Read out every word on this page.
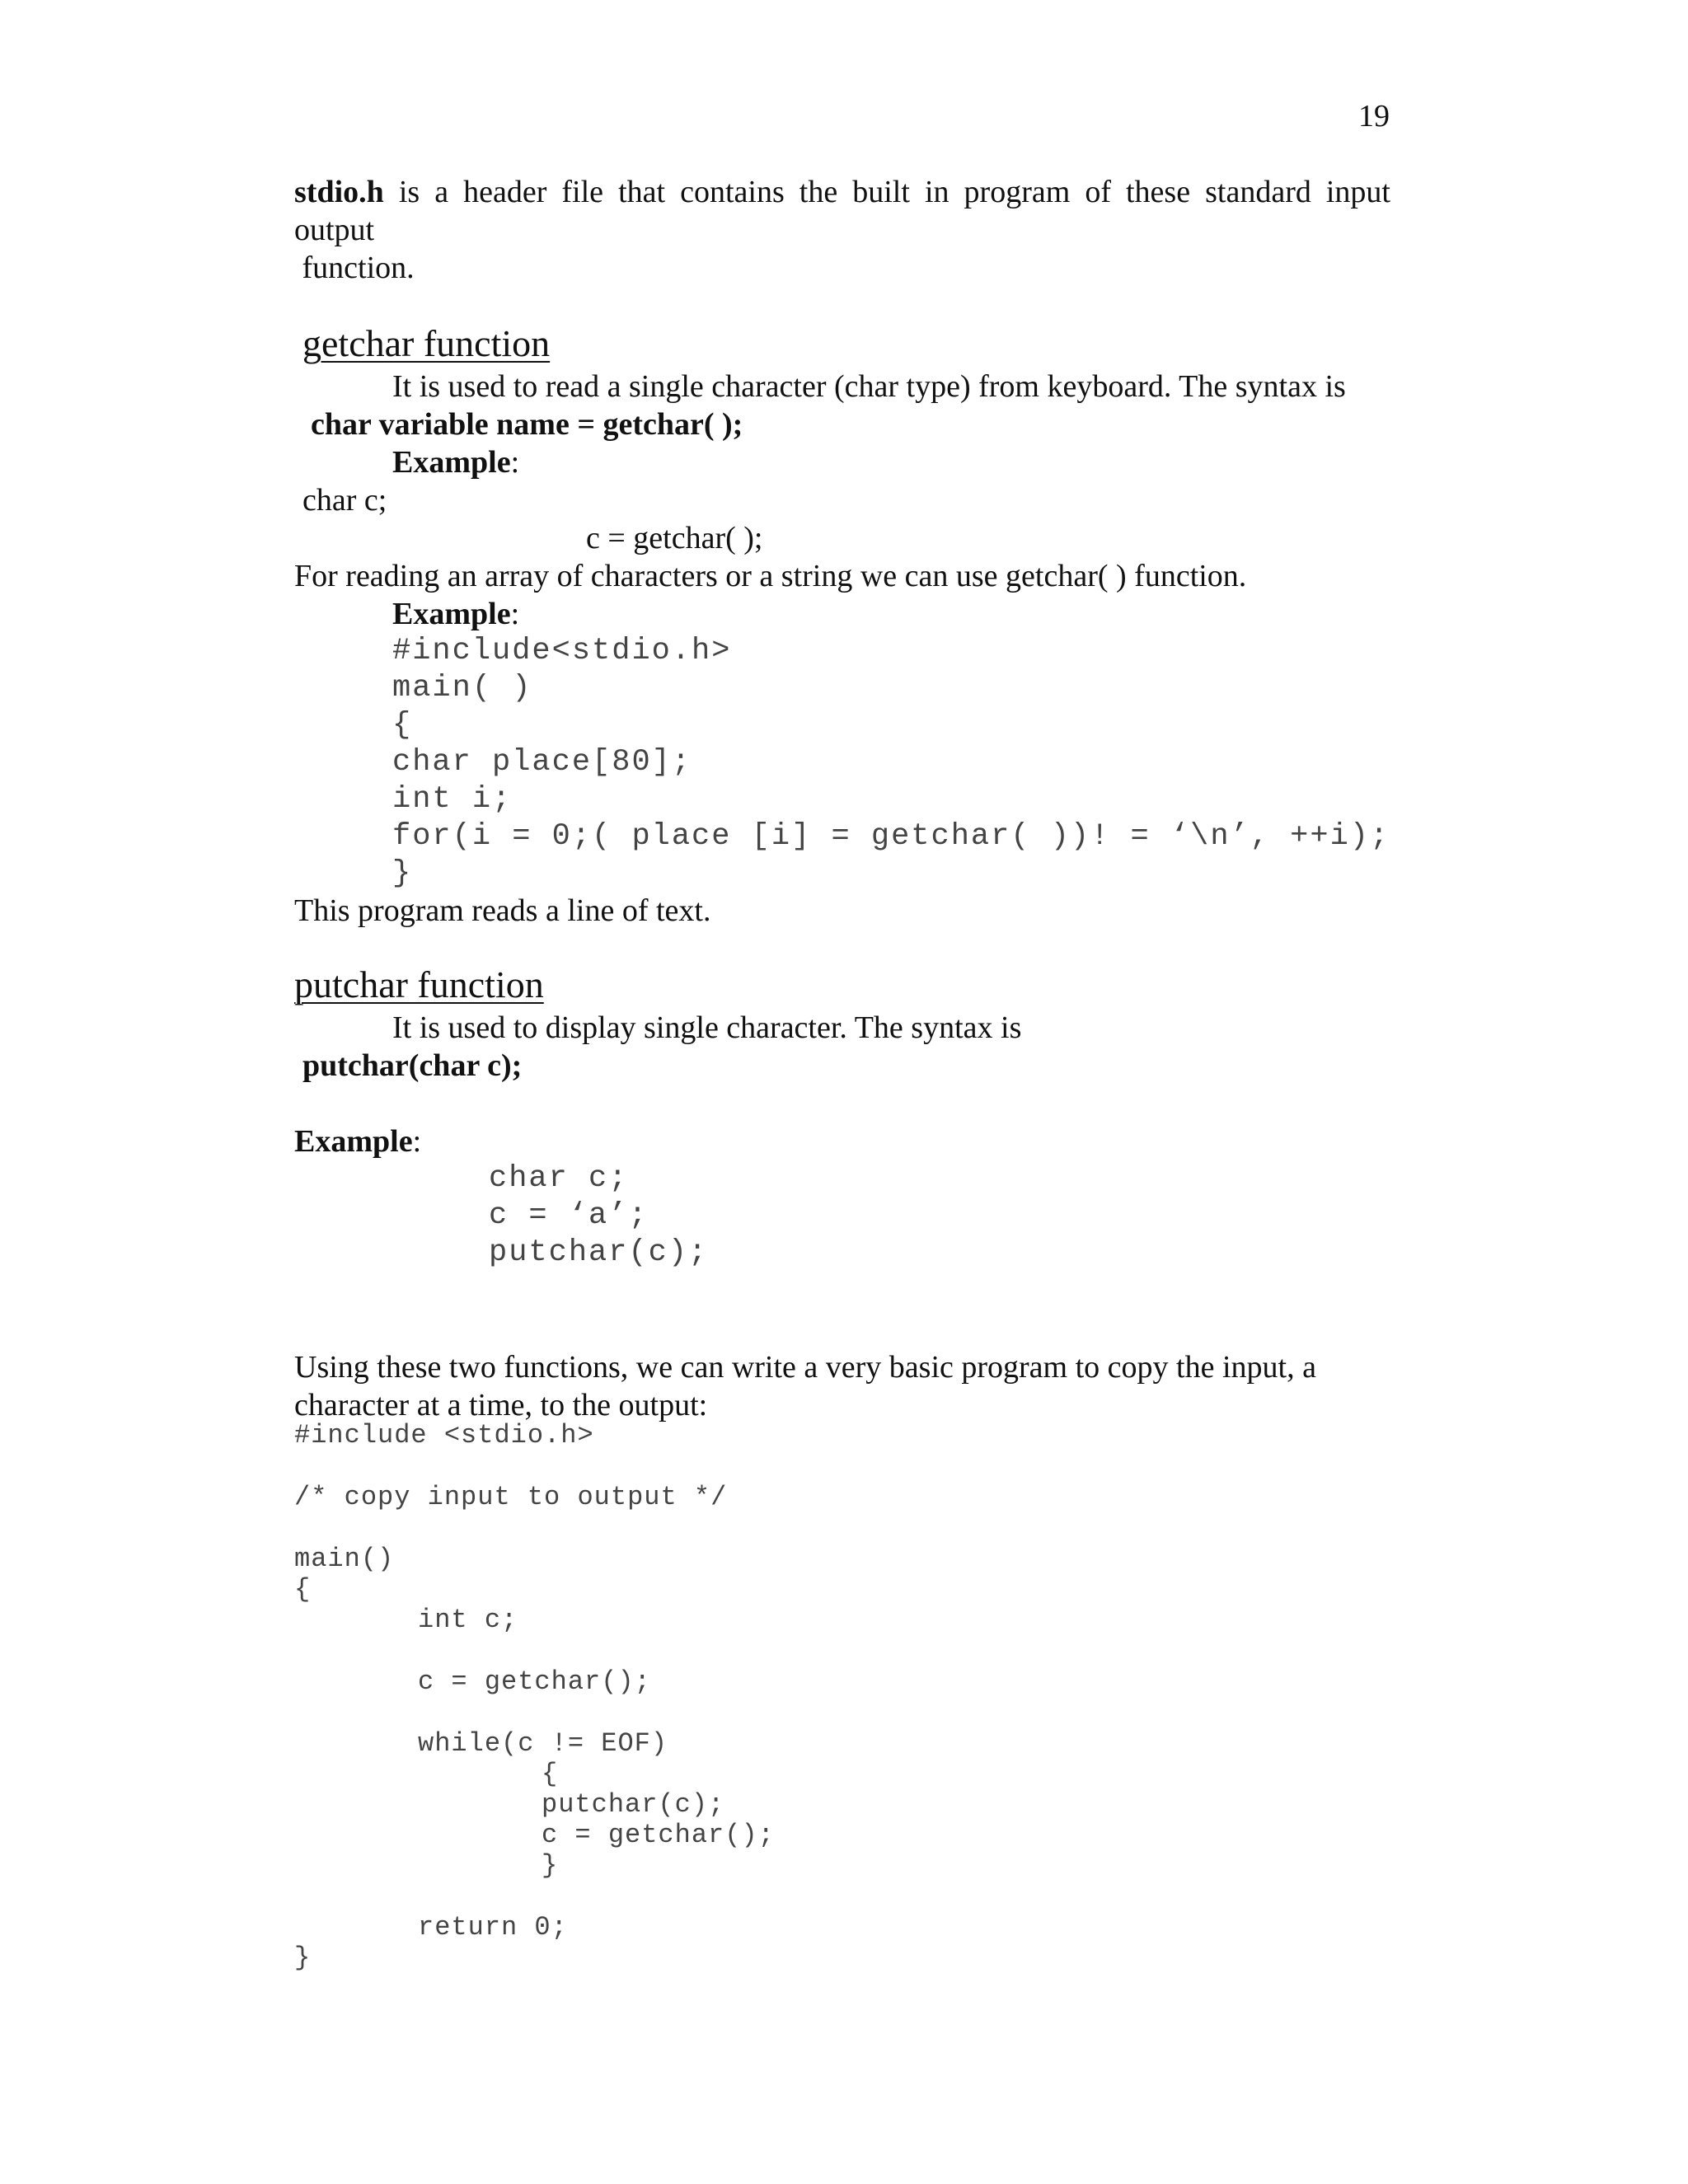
19
stdio.h is a header file that contains the built in program of these standard input
output
function.
getchar function
It is used to read a single character (char type) from keyboard. The syntax is
char variable name = getchar( );
Example:
char c;
c = getchar( );
For reading an array of characters or a string we can use getchar( ) function.
Example:
#include<stdio.h>
main( )
{
char place[80];
int i;
for(i = 0;( place [i] = getchar( ))! = ‘\n’, ++i);
}
This program reads a line of text.
putchar function
It is used to display single character. The syntax is
putchar(char c);
Example:
char c;
c = ‘a’;
putchar(c);
Using these two functions, we can write a very basic program to copy the input, a
character at a time, to the output:
#include <stdio.h>
/* copy input to output */
main()
{
int c;
c = getchar();
while(c != EOF)
{
putchar(c);
c = getchar();
}
return 0;
}
